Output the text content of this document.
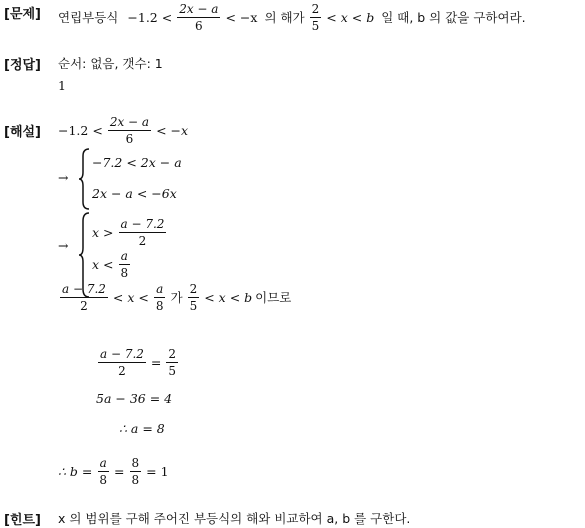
[문제] 연립부등식 $-1.2 < \frac{2x - a}{6} < -x$ 의 해가 $\frac{2}{5} < x < b$ 일 때, b 의 값을 구하여라.
[정답] 순서: 없음, 갯수: 1
1
[해설] $-1.2 < \frac{2x - a}{6} < -x$
→
−7.2 < 2x − a
2x − a < −6x
→
$x > \frac{a - 7.2}{2}$
$x < \frac{a}{8}$
$\frac{a - 7.2}{2} < x < \frac{a}{8}$ 가 $\frac{2}{5} < x < b$ 이므로
$\frac{a - 7.2}{2} = \frac{2}{5}$
5a − 36 = 4
∴ a = 8
∴ $b = \frac{a}{8} = \frac{8}{8} = 1$
[힌트] x 의 범위를 구해 주어진 부등식의 해와 비교하여 a, b 를 구한다.
